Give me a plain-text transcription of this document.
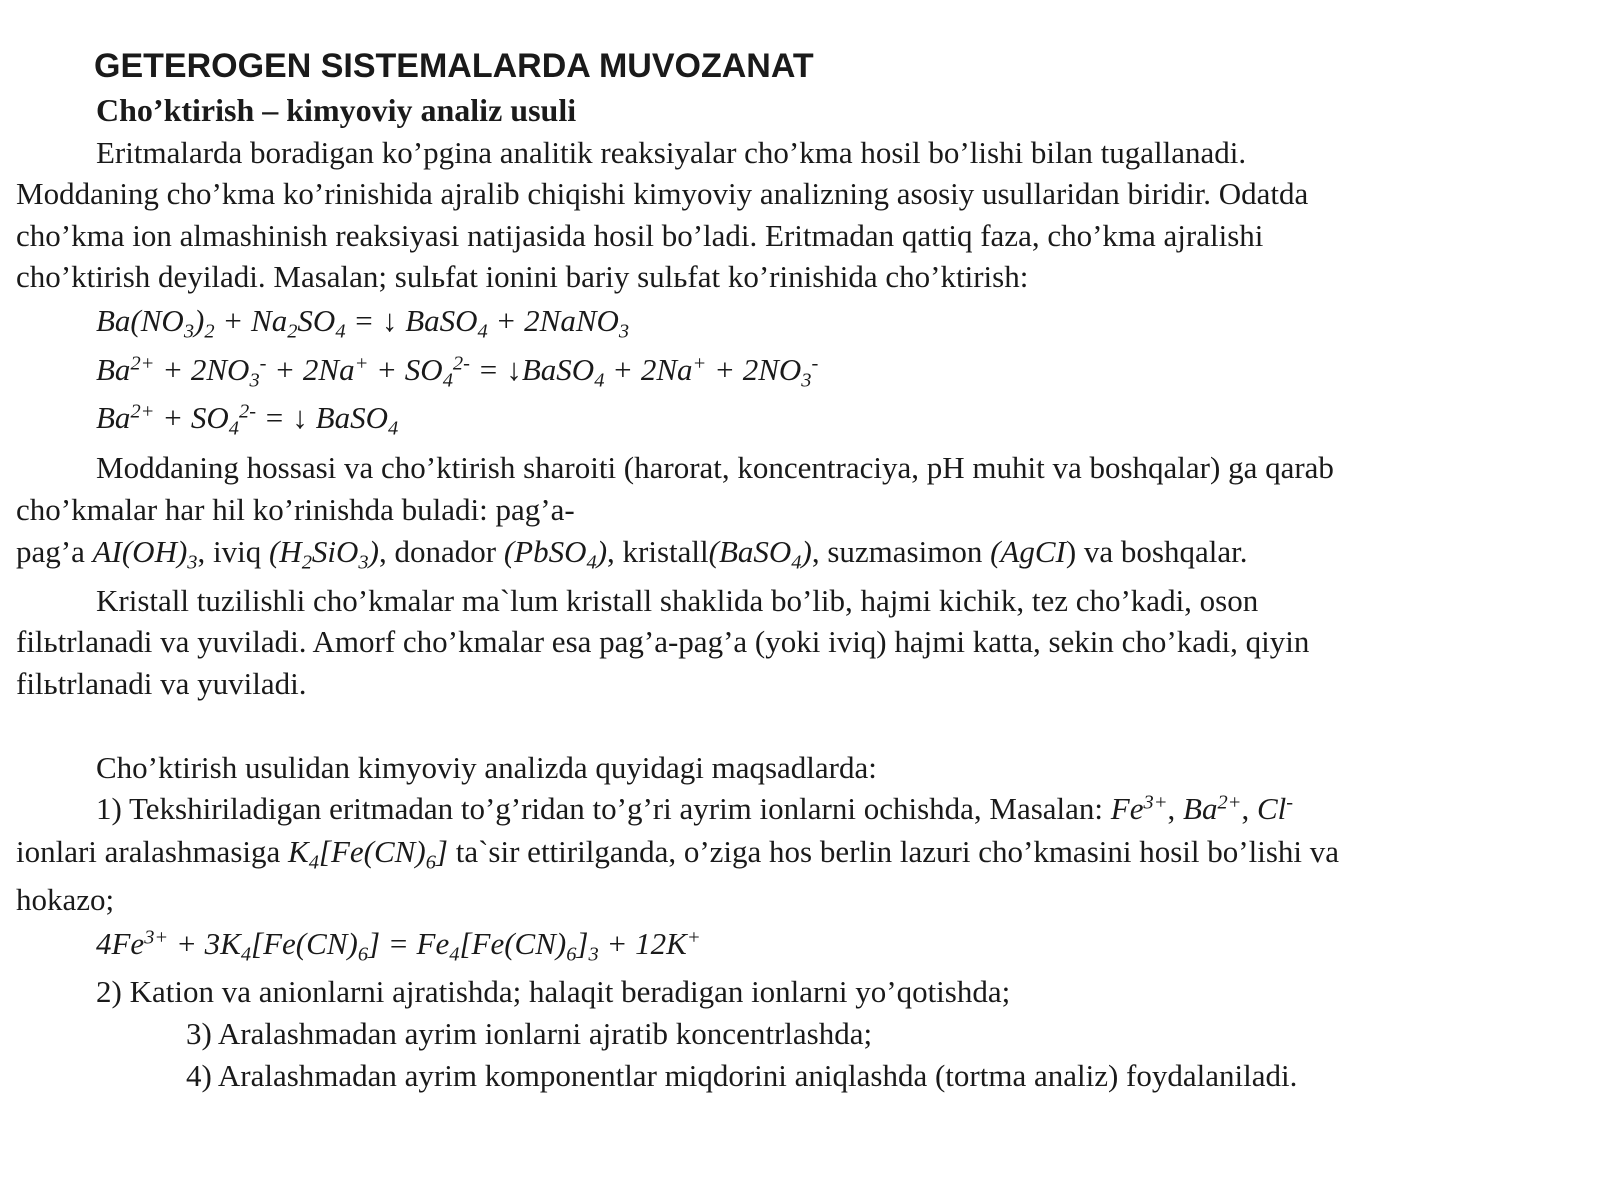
GETEROGEN SISTEMALARDA MUVOZANAT
Cho’ktirish – kimyoviy analiz usuli
Eritmalarda boradigan ko’pgina analitik reaksiyalar cho’kma hosil bo’lishi bilan tugallanadi.
Moddaning cho’kma ko’rinishida ajralib chiqishi kimyoviy analizning asosiy usullaridan biridir. Odatda
cho’kma ion almashinish reaksiyasi natijasida hosil bo’ladi. Eritmadan qattiq faza, cho’kma ajralishi
cho’ktirish deyiladi. Masalan; sulьfat ionini bariy sulьfat ko’rinishida cho’ktirish:
$Ba(NO_3)_2 + Na_2SO_4$ = ↓ BaSO$_4$ + 2NaNO$_3$
$Ba^{2+} + 2NO_3^- + 2Na^+ + SO_4^{2-}$ = ↓BaSO$_4$ + $2Na^+ + 2NO_3^-$
$Ba^{2+} + SO_4^{2-}$ = ↓ BaSO$_4$
Moddaning hossasi va cho’ktirish sharoiti (harorat, koncentraciya, pH muhit va boshqalar) ga qarab
cho’kmalar har hil ko’rinishda buladi: pag’a-
pag’a $AI(OH)_3$, iviq $(H_2SiO_3)$, donador (PbSO$_4$), kristall(BaSO$_4$), suzmasimon (AgCI) va boshqalar.
Kristall tuzilishli cho’kmalar ma`lum kristall shaklida bo’lib, hajmi kichik, tez cho’kadi, oson
filьtrlanadi va yuviladi. Amorf cho’kmalar esa pag’a-pag’a (yoki iviq) hajmi katta, sekin cho’kadi, qiyin
filьtrlanadi va yuviladi.
Cho’ktirish usulidan kimyoviy analizda quyidagi maqsadlarda:
1) Tekshiriladigan eritmadan to’g’ridan to’g’ri ayrim ionlarni ochishda, Masalan: $Fe^{3+}$, $Ba^{2+}$, Cl-
ionlari aralashmasiga $K_4[Fe(CN)_6]$ ta`sir ettirilganda, o’ziga hos berlin lazuri cho’kmasini hosil bo’lishi va
hokazo;
$4Fe^{3+} + 3K_4[Fe(CN)_6] = Fe_4[Fe(CN)_6]_3 + 12K^+$
2) Kation va anionlarni ajratishda; halaqit beradigan ionlarni yo’qotishda;
3) Aralashmadan ayrim ionlarni ajratib koncentrlashda;
4) Aralashmadan ayrim komponentlar miqdorini aniqlashda (tortma analiz) foydalaniladi.
